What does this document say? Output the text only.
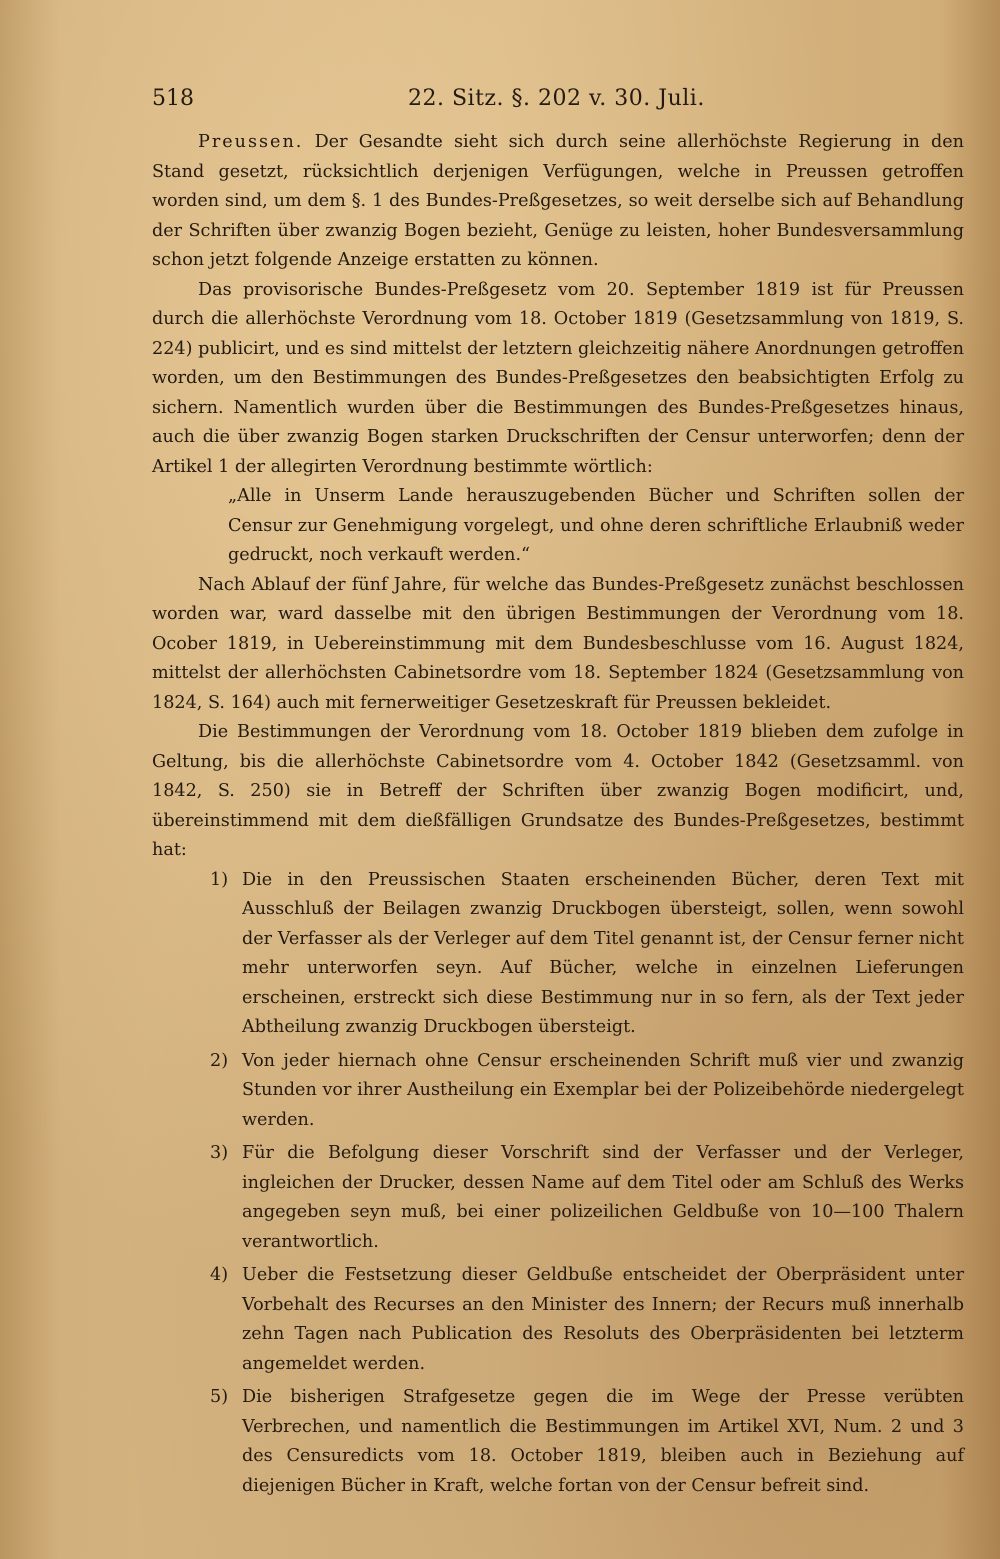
518	22. Sitz. §. 202 v. 30. Juli.

Preussen. Der Gesandte sieht sich durch seine allerhöchste Regierung in den Stand gesetzt, rücksichtlich derjenigen Verfügungen, welche in Preussen getroffen worden sind, um dem §. 1 des Bundes-Preßgesetzes, so weit derselbe sich auf Behandlung der Schriften über zwanzig Bogen bezieht, Genüge zu leisten, hoher Bundesversammlung schon jetzt folgende Anzeige erstatten zu können.

Das provisorische Bundes-Preßgesetz vom 20. September 1819 ist für Preussen durch die allerhöchste Verordnung vom 18. October 1819 (Gesetzsammlung von 1819, S. 224) publicirt, und es sind mittelst der letztern gleichzeitig nähere Anordnungen getroffen worden, um den Bestimmungen des Bundes-Preßgesetzes den beabsichtigten Erfolg zu sichern. Namentlich wurden über die Bestimmungen des Bundes-Preßgesetzes hinaus, auch die über zwanzig Bogen starken Druckschriften der Censur unterworfen; denn der Artikel 1 der allegirten Verordnung bestimmte wörtlich:

„Alle in Unserm Lande herauszugebenden Bücher und Schriften sollen der Censur zur Genehmigung vorgelegt, und ohne deren schriftliche Erlaubniß weder gedruckt, noch verkauft werden.“

Nach Ablauf der fünf Jahre, für welche das Bundes-Preßgesetz zunächst beschlossen worden war, ward dasselbe mit den übrigen Bestimmungen der Verordnung vom 18. Ocober 1819, in Uebereinstimmung mit dem Bundesbeschlusse vom 16. August 1824, mittelst der allerhöchsten Cabinetsordre vom 18. September 1824 (Gesetzsammlung von 1824, S. 164) auch mit fernerweitiger Gesetzeskraft für Preussen bekleidet.

Die Bestimmungen der Verordnung vom 18. October 1819 blieben dem zufolge in Geltung, bis die allerhöchste Cabinetsordre vom 4. October 1842 (Gesetzsamml. von 1842, S. 250) sie in Betreff der Schriften über zwanzig Bogen modificirt, und, übereinstimmend mit dem dießfälligen Grundsatze des Bundes-Preßgesetzes, bestimmt hat:

1) Die in den Preussischen Staaten erscheinenden Bücher, deren Text mit Ausschluß der Beilagen zwanzig Druckbogen übersteigt, sollen, wenn sowohl der Verfasser als der Verleger auf dem Titel genannt ist, der Censur ferner nicht mehr unterworfen seyn. Auf Bücher, welche in einzelnen Lieferungen erscheinen, erstreckt sich diese Bestimmung nur in so fern, als der Text jeder Abtheilung zwanzig Druckbogen übersteigt.
2) Von jeder hiernach ohne Censur erscheinenden Schrift muß vier und zwanzig Stunden vor ihrer Austheilung ein Exemplar bei der Polizeibehörde niedergelegt werden.
3) Für die Befolgung dieser Vorschrift sind der Verfasser und der Verleger, ingleichen der Drucker, dessen Name auf dem Titel oder am Schluß des Werks angegeben seyn muß, bei einer polizeilichen Geldbuße von 10—100 Thalern verantwortlich.
4) Ueber die Festsetzung dieser Geldbuße entscheidet der Oberpräsident unter Vorbehalt des Recurses an den Minister des Innern; der Recurs muß innerhalb zehn Tagen nach Publication des Resoluts des Oberpräsidenten bei letzterm angemeldet werden.
5) Die bisherigen Strafgesetze gegen die im Wege der Presse verübten Verbrechen, und namentlich die Bestimmungen im Artikel XVI, Num. 2 und 3 des Censuredicts vom 18. October 1819, bleiben auch in Beziehung auf diejenigen Bücher in Kraft, welche fortan von der Censur befreit sind.
